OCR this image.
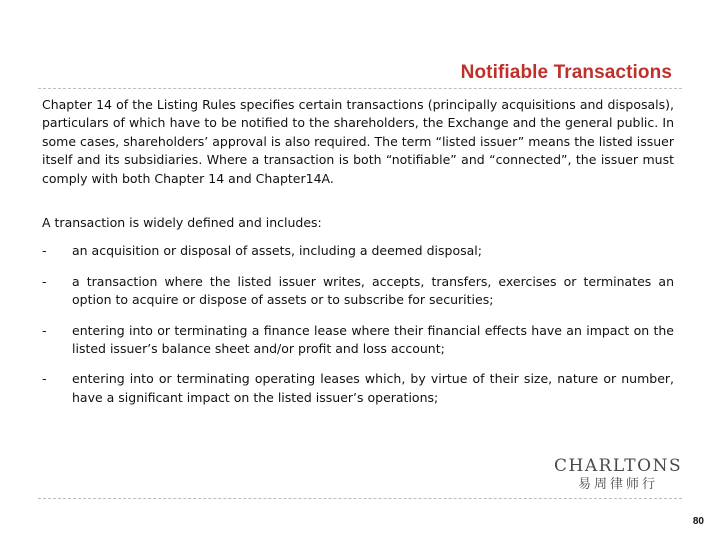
Notifiable Transactions

Chapter 14 of the Listing Rules specifies certain transactions (principally acquisitions and disposals), particulars of which have to be notified to the shareholders, the Exchange and the general public. In some cases, shareholders’ approval is also required. The term “listed issuer” means the listed issuer itself and its subsidiaries. Where a transaction is both “notifiable” and “connected”, the issuer must comply with both Chapter 14 and Chapter14A.

A transaction is widely defined and includes:

-	an acquisition or disposal of assets, including a deemed disposal;
-	a transaction where the listed issuer writes, accepts, transfers, exercises or terminates an option to acquire or dispose of assets or to subscribe for securities;
-	entering into or terminating a finance lease where their financial effects have an impact on the listed issuer’s balance sheet and/or profit and loss account;
-	entering into or terminating operating leases which, by virtue of their size, nature or number, have a significant impact on the listed issuer’s operations;
CHARLTONS
易周律师行
80
